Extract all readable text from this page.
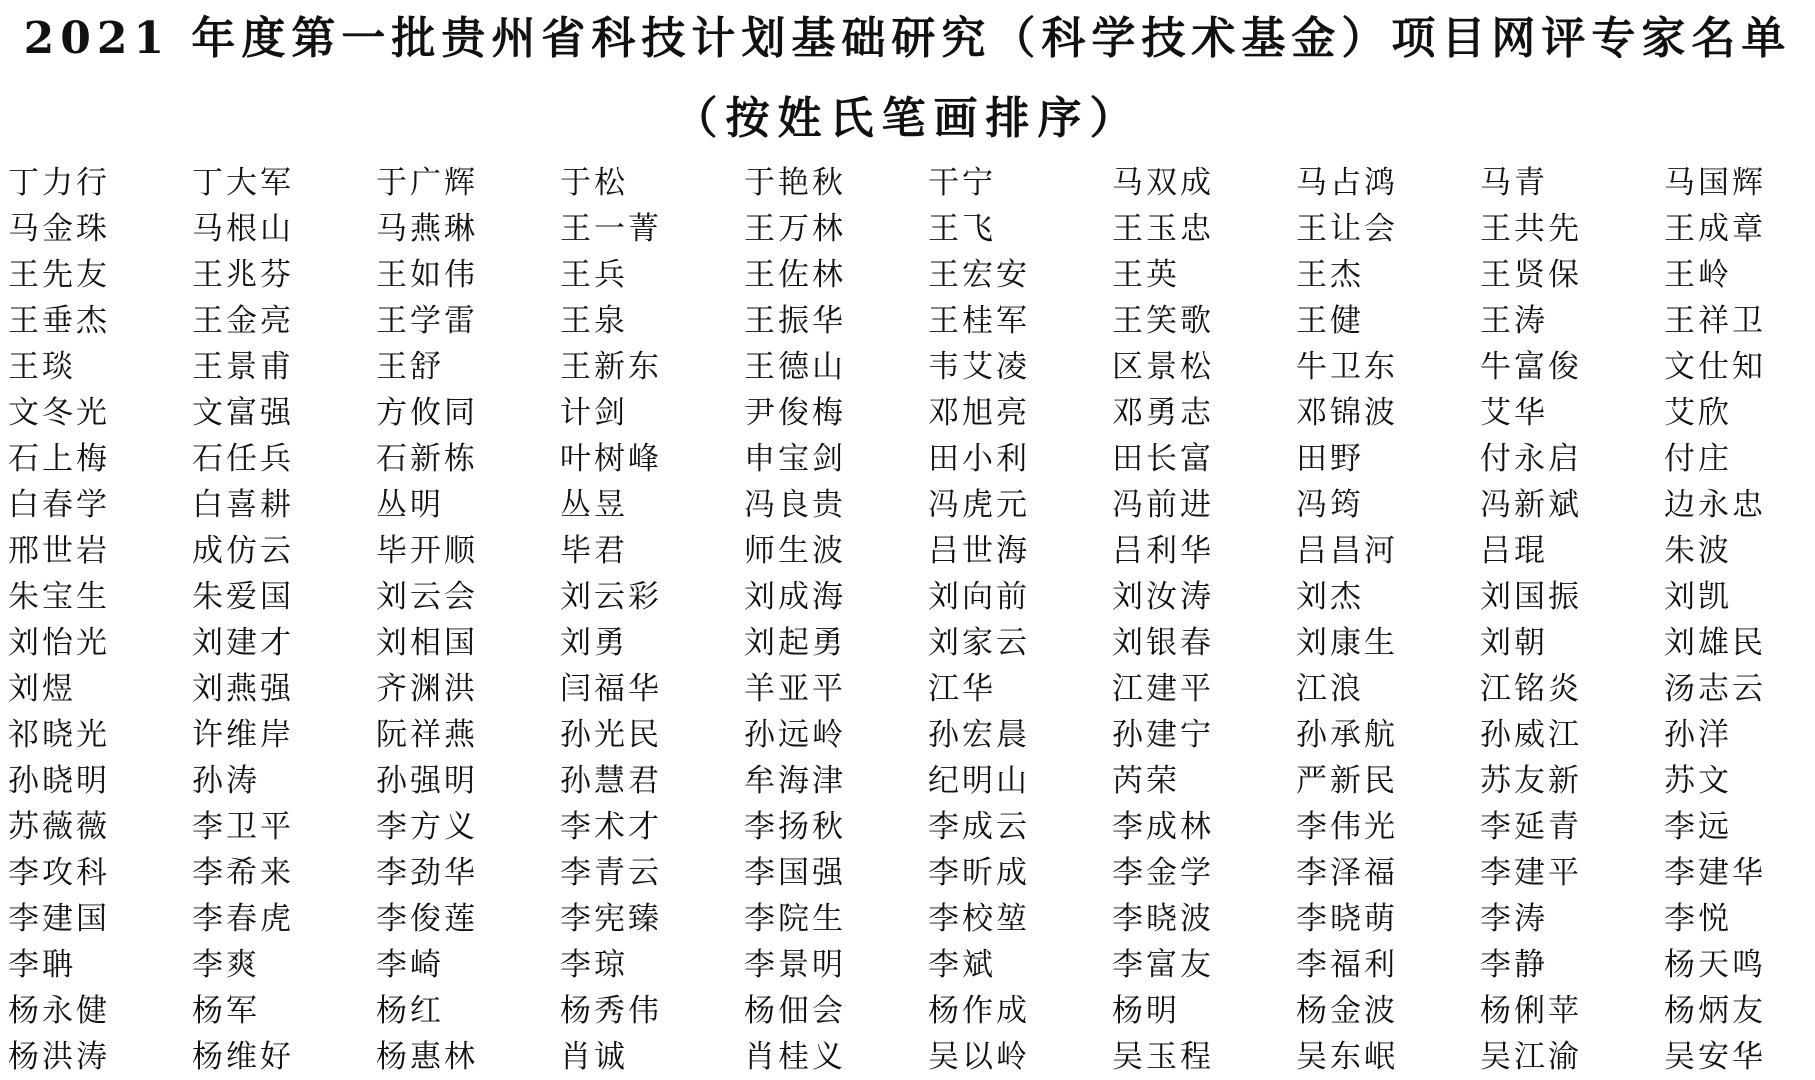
2021 年度第一批贵州省科技计划基础研究（科学技术基金）项目网评专家名单
（按姓氏笔画排序）
丁力行	丁大军	于广辉	于松	于艳秋	干宁	马双成	马占鸿	马青	马国辉
马金珠	马根山	马燕琳	王一菁	王万林	王飞	王玉忠	王让会	王共先	王成章
王先友	王兆芬	王如伟	王兵	王佐林	王宏安	王英	王杰	王贤保	王岭
王垂杰	王金亮	王学雷	王泉	王振华	王桂军	王笑歌	王健	王涛	王祥卫
王琰	王景甫	王舒	王新东	王德山	韦艾凌	区景松	牛卫东	牛富俊	文仕知
文冬光	文富强	方攸同	计剑	尹俊梅	邓旭亮	邓勇志	邓锦波	艾华	艾欣
石上梅	石任兵	石新栋	叶树峰	申宝剑	田小利	田长富	田野	付永启	付庄
白春学	白喜耕	丛明	丛昱	冯良贵	冯虎元	冯前进	冯筠	冯新斌	边永忠
邢世岩	成仿云	毕开顺	毕君	师生波	吕世海	吕利华	吕昌河	吕琨	朱波
朱宝生	朱爱国	刘云会	刘云彩	刘成海	刘向前	刘汝涛	刘杰	刘国振	刘凯
刘怡光	刘建才	刘相国	刘勇	刘起勇	刘家云	刘银春	刘康生	刘朝	刘雄民
刘煜	刘燕强	齐渊洪	闫福华	羊亚平	江华	江建平	江浪	江铭炎	汤志云
祁晓光	许维岸	阮祥燕	孙光民	孙远岭	孙宏晨	孙建宁	孙承航	孙威江	孙洋
孙晓明	孙涛	孙强明	孙慧君	牟海津	纪明山	芮荣	严新民	苏友新	苏文
苏薇薇	李卫平	李方义	李术才	李扬秋	李成云	李成林	李伟光	李延青	李远
李攻科	李希来	李劲华	李青云	李国强	李昕成	李金学	李泽福	李建平	李建华
李建国	李春虎	李俊莲	李宪臻	李院生	李校堃	李晓波	李晓萌	李涛	李悦
李聃	李爽	李崎	李琼	李景明	李斌	李富友	李福利	李静	杨天鸣
杨永健	杨军	杨红	杨秀伟	杨佃会	杨作成	杨明	杨金波	杨俐苹	杨炳友
杨洪涛	杨维好	杨惠林	肖诚	肖桂义	吴以岭	吴玉程	吴东岷	吴江渝	吴安华
